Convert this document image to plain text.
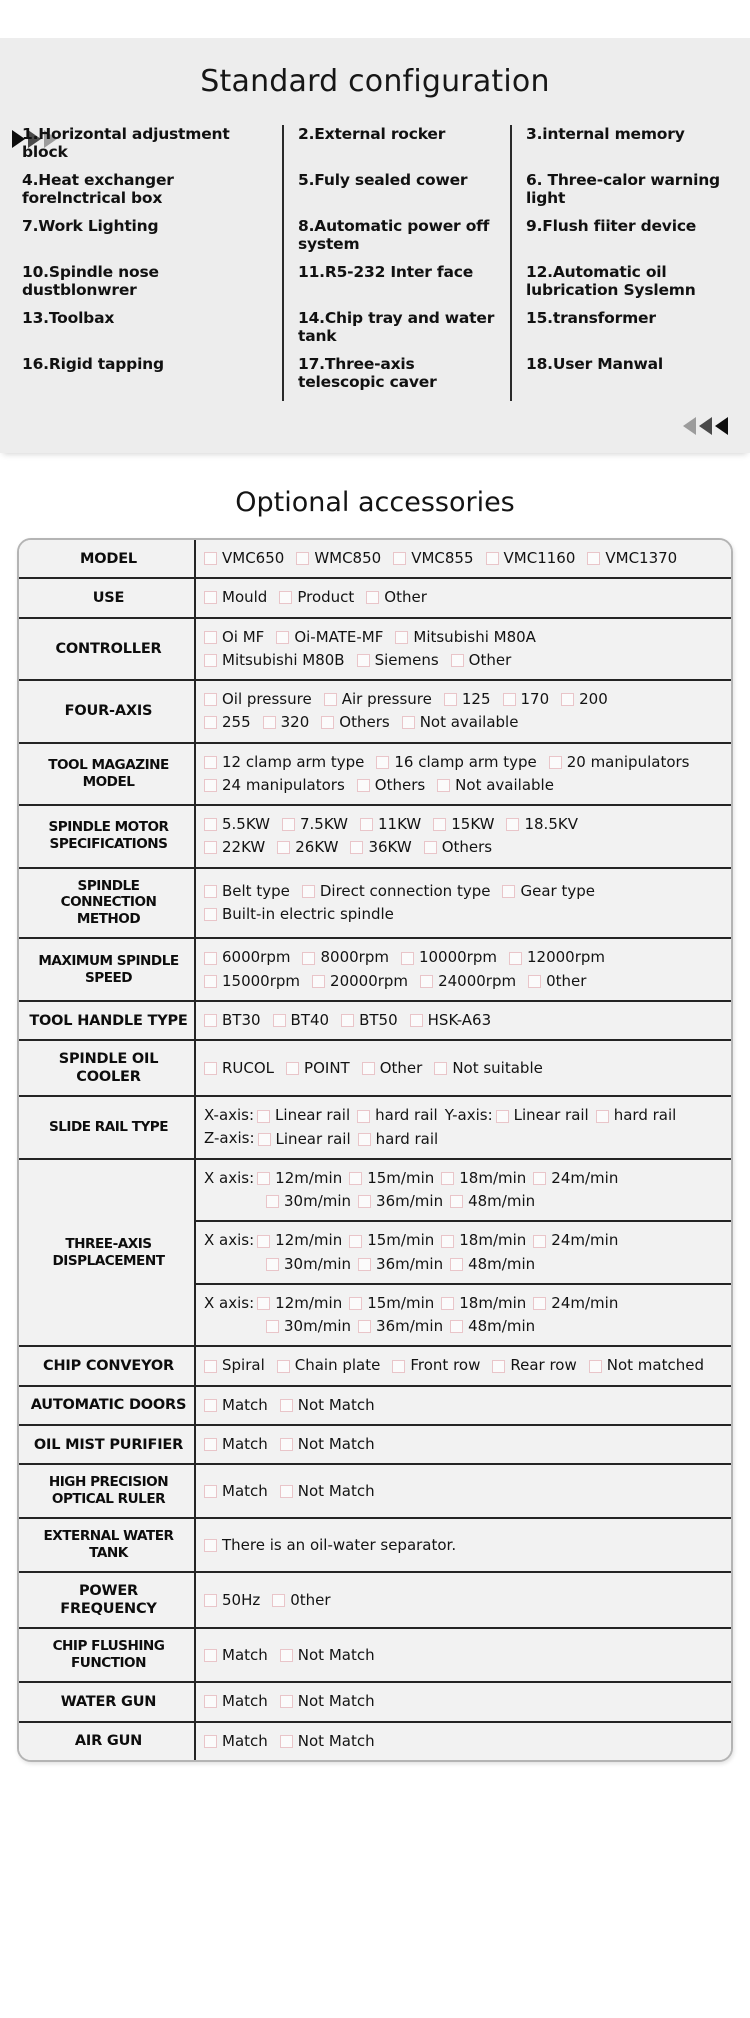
Standard configuration
1.Horizontal adjustment block
4.Heat exchanger forelnctrical box
7.Work Lighting
10.Spindle nose dustblonwrer
13.Toolbax
16.Rigid tapping
2.External rocker
5.Fuly sealed cower
8.Automatic power off system
11.R5-232 Inter face
14.Chip tray and water tank
17.Three-axis telescopic caver
3.internal memory
6. Three-calor warning light
9.Flush fiiter device
12.Automatic oil lubrication Syslemn
15.transformer
18.User Manwal
Optional accessories
MODEL	VMC650 WMC850 VMC855 VMC1160 VMC1370

USE	Mould Product Other

CONTROLLER	
Oi MF Oi-MATE-MF Mitsubishi M80A
Mitsubishi M80B Siemens Other

FOUR-AXIS	
Oil pressure Air pressure 125 170 200
255 320 Others Not available

TOOL MAGAZINE MODEL	
12 clamp arm type 16 clamp arm type 20 manipulators
24 manipulators Others Not available

SPINDLE MOTOR SPECIFICATIONS	
5.5KW 7.5KW 11KW 15KW 18.5KV
22KW 26KW 36KW Others

SPINDLE CONNECTION METHOD	Belt type Direct connection type Gear type
Built-in electric spindle

MAXIMUM SPINDLE SPEED	
6000rpm 8000rpm 10000rpm 12000rpm
15000rpm 20000rpm 24000rpm 0ther

TOOL HANDLE TYPE	BT30 BT40 BT50 HSK-A63

SPINDLE OIL COOLER	RUCOL POINT Other Not suitable

SLIDE RAIL TYPE	
X-axis: Linear rail hard rail Y-axis: Linear rail hard rail
Z-axis: Linear rail hard rail

THREE-AXIS DISPLACEMENT	
X axis: 12m/min 15m/min 18m/min 24m/min
30m/min 36m/min 48m/min
X axis: 12m/min 15m/min 18m/min 24m/min
30m/min 36m/min 48m/min
X axis: 12m/min 15m/min 18m/min 24m/min
30m/min 36m/min 48m/min

CHIP CONVEYOR	Spiral Chain plate Front row Rear row Not matched

AUTOMATIC DOORS	Match Not Match

OIL MIST PURIFIER	Match Not Match

HIGH PRECISION OPTICAL RULER	Match Not Match

EXTERNAL WATER TANK	There is an oil-water separator.

POWER FREQUENCY	50Hz 0ther

CHIP FLUSHING FUNCTION	Match Not Match

WATER GUN	Match Not Match

AIR GUN	Match Not Match
